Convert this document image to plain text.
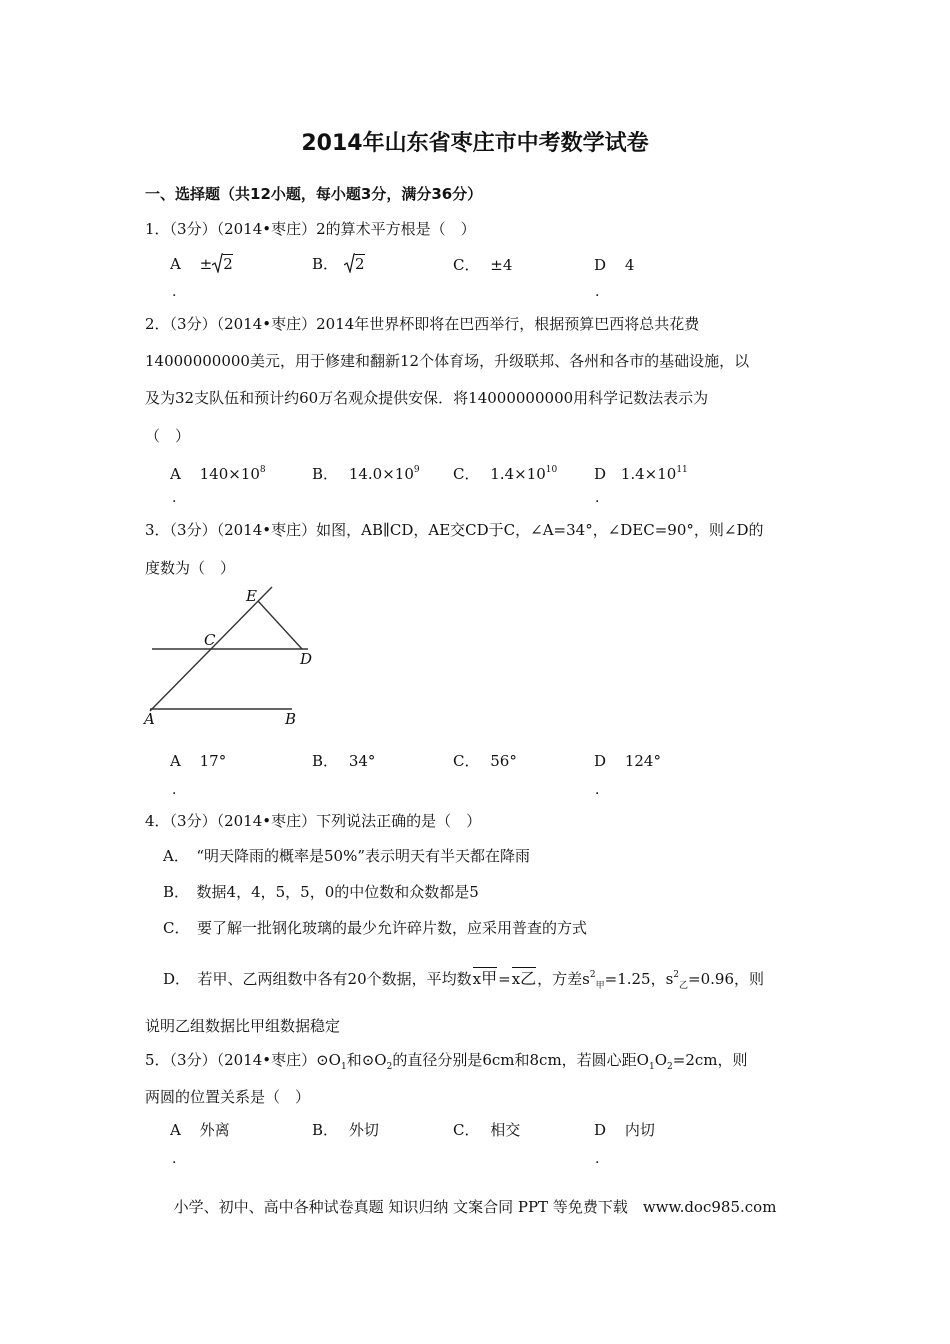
2014年山东省枣庄市中考数学试卷
一、选择题（共12小题，每小题3分，满分36分）
1．（3分）（2014•枣庄）2的算术平方根是（　）
A ± 2
.
B． 2	C． ±4	D 4
.
2．（3分）（2014•枣庄）2014年世界杯即将在巴西举行，根据预算巴西将总共花费
14000000000美元，用于修建和翻新12个体育场，升级联邦、各州和各市的基础设施，以
及为32支队伍和预计约60万名观众提供安保．将14000000000用科学记数法表示为
（　）
A $140\times 10^8$
.
B． $14.0\times 10^9$ C． $1.4\times 10^{10}$ D $1.4\times 10^{11}$
.
3．（3分）（2014•枣庄）如图，AB∥CD，AE交CD于C，∠A=34°，∠DEC=90°，则∠D的
度数为（　）
E
C
D
A	B
A 17°
.
B． 34°	C． 56°	D 124°
.
4．（3分）（2014•枣庄）下列说法正确的是（　）
A．　“明天降雨的概率是50%”表示明天有半天都在降雨
B．　数据4，4，5，5，0的中位数和众数都是5
C．　要了解一批钢化玻璃的最少允许碎片数，应采用普查的方式
D．　若甲、乙两组数中各有20个数据，平均数x甲=x乙，方差$s^2_甲=1.25$，$s^2_乙=0.96$，则
说明乙组数据比甲组数据稳定
5．（3分）（2014•枣庄）$⊙O_1$和$⊙O_2$的直径分别是6cm和8cm，若圆心距$O_1O_2=2cm$，则
两圆的位置关系是（　）
A 外离
.
B． 外切	C． 相交	D 内切
.
小学、初中、高中各种试卷真题 知识归纳 文案合同 PPT 等免费下载　www.doc985.com
